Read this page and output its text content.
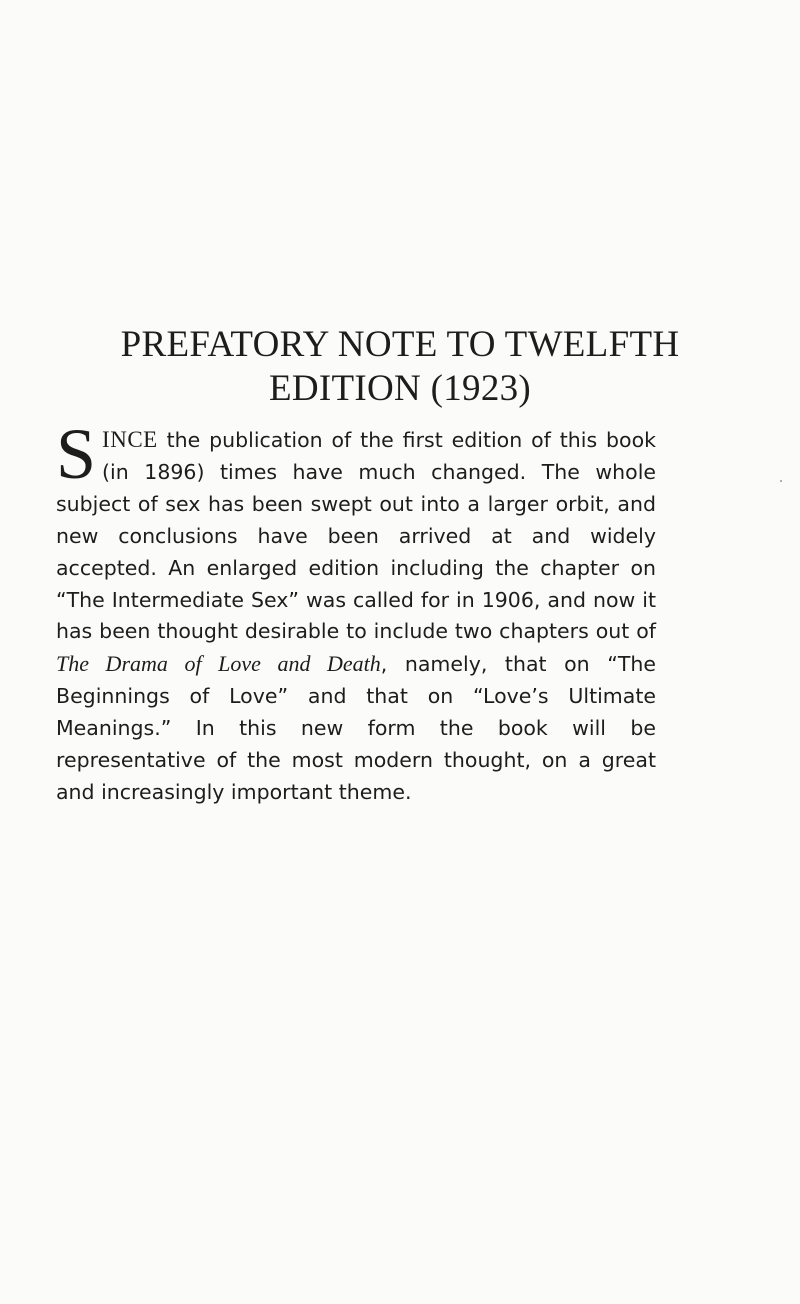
PREFATORY NOTE TO TWELFTH
EDITION (1923)

SINCE the publication of the first edition of this book (in 1896) times have much changed. The whole subject of sex has been swept out into a larger orbit, and new conclusions have been arrived at and widely accepted. An enlarged edition including the chapter on “The Intermediate Sex” was called for in 1906, and now it has been thought desirable to include two chapters out of The Drama of Love and Death, namely, that on “The Beginnings of Love” and that on “Love’s Ultimate Meanings.” In this new form the book will be representative of the most modern thought, on a great and increasingly important theme.
